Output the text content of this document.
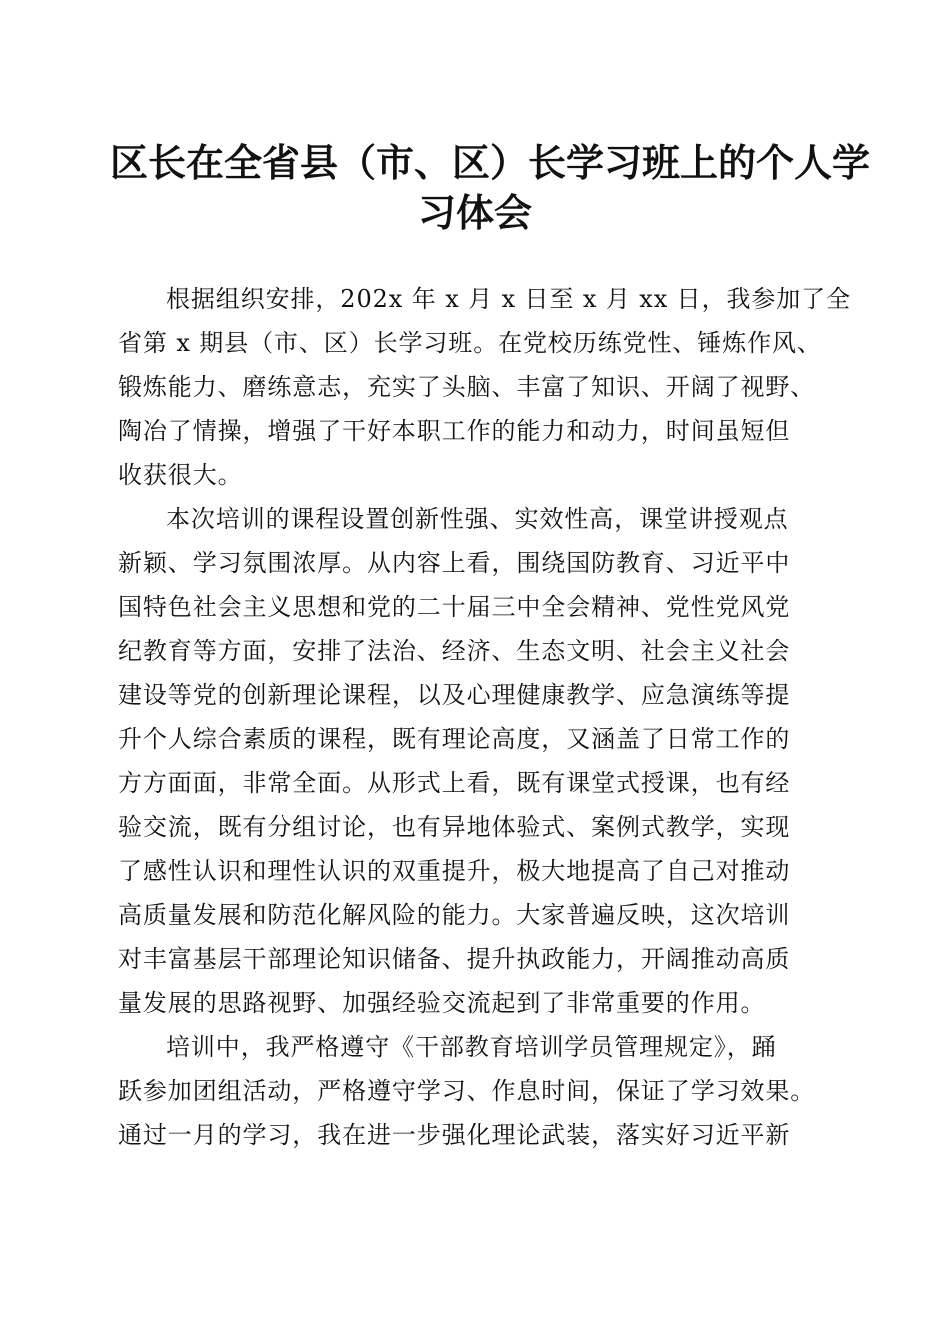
区长在全省县（市、区）长学习班上的个人学
习体会
根据组织安排，202x 年 x 月 x 日至 x 月 xx 日，我参加了全
省第 x 期县（市、区）长学习班。在党校历练党性、锤炼作风、
锻炼能力、磨练意志，充实了头脑、丰富了知识、开阔了视野、
陶冶了情操，增强了干好本职工作的能力和动力，时间虽短但
收获很大。
本次培训的课程设置创新性强、实效性高，课堂讲授观点
新颖、学习氛围浓厚。从内容上看，围绕国防教育、习近平中
国特色社会主义思想和党的二十届三中全会精神、党性党风党
纪教育等方面，安排了法治、经济、生态文明、社会主义社会
建设等党的创新理论课程，以及心理健康教学、应急演练等提
升个人综合素质的课程，既有理论高度，又涵盖了日常工作的
方方面面，非常全面。从形式上看，既有课堂式授课，也有经
验交流，既有分组讨论，也有异地体验式、案例式教学，实现
了感性认识和理性认识的双重提升，极大地提高了自己对推动
高质量发展和防范化解风险的能力。大家普遍反映，这次培训
对丰富基层干部理论知识储备、提升执政能力，开阔推动高质
量发展的思路视野、加强经验交流起到了非常重要的作用。
培训中，我严格遵守《干部教育培训学员管理规定》，踊
跃参加团组活动，严格遵守学习、作息时间，保证了学习效果。
通过一月的学习，我在进一步强化理论武装，落实好习近平新
